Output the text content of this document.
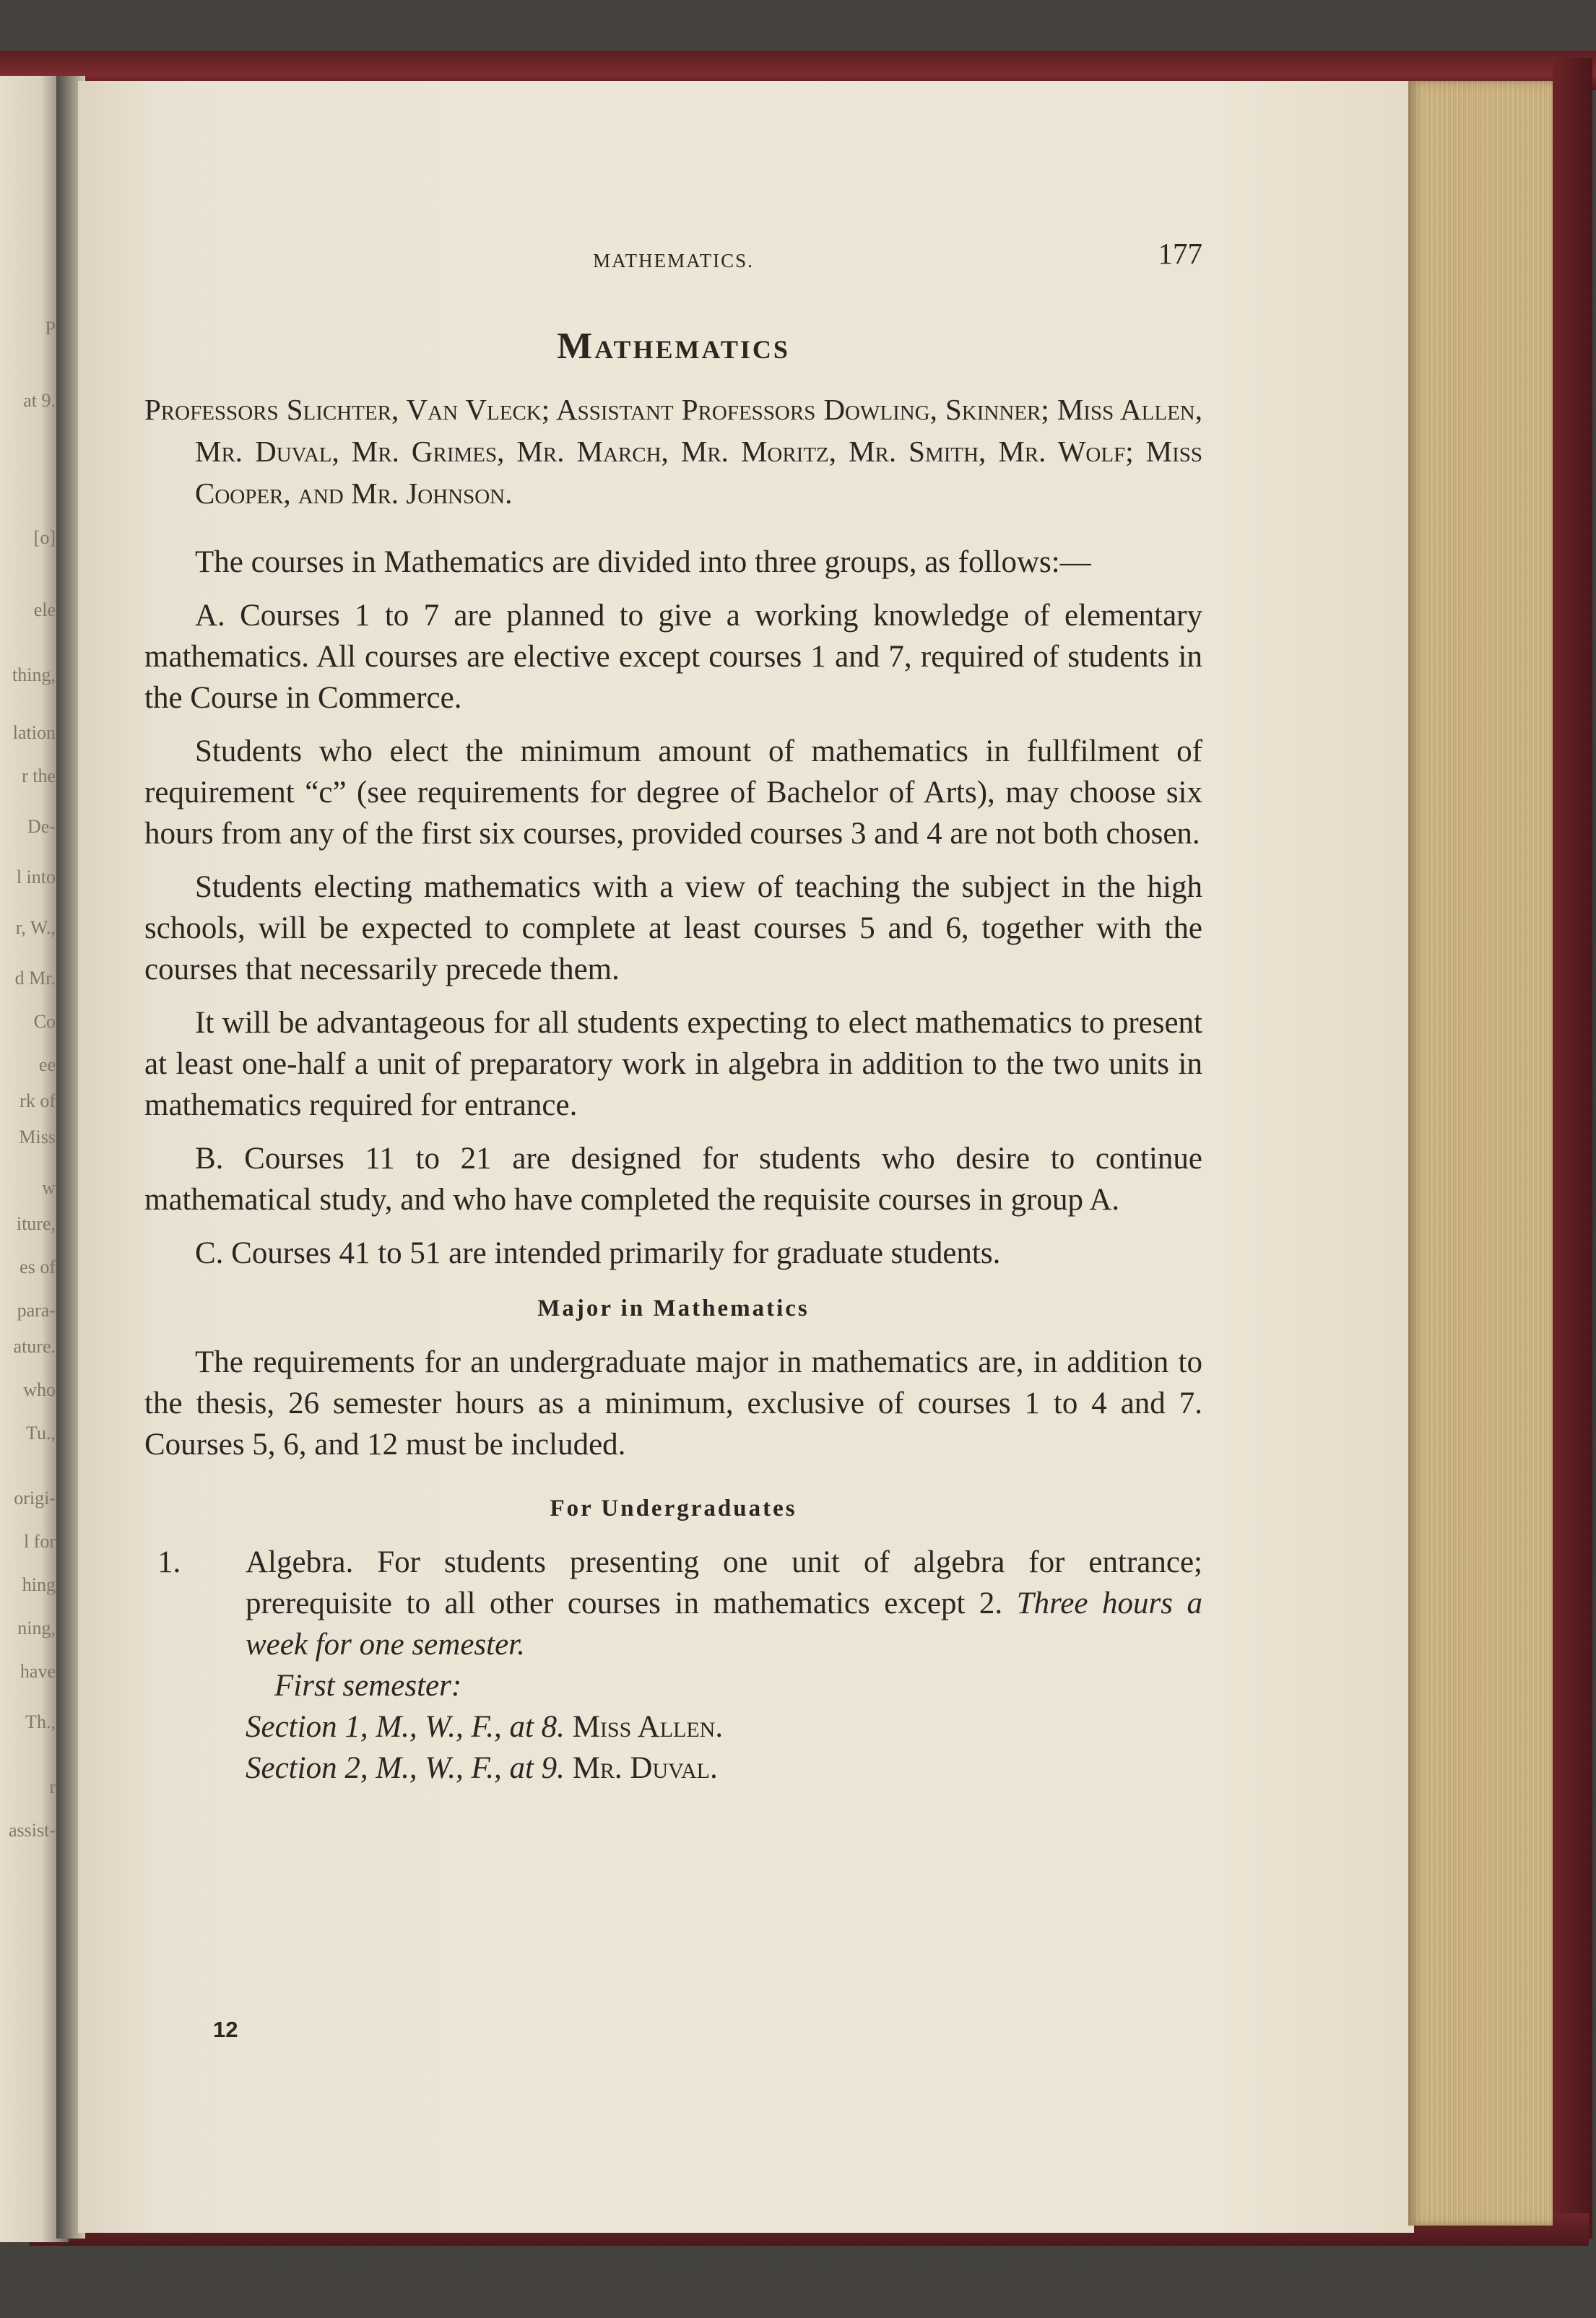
P
at 9.
[o]
ele
thing,
lation
r the
De-
l into
r, W.,
d Mr.
Co
ee
rk of
Miss
w
iture,
es of
para-
ature.
who
Tu.,
origi-
l for
hing
ning,
have
Th.,
r
assist-
MATHEMATICS.	177
Mathematics
Professors Slichter, Van Vleck; Assistant Professors Dowling, Skinner; Miss Allen, Mr. Duval, Mr. Grimes, Mr. March, Mr. Moritz, Mr. Smith, Mr. Wolf; Miss Cooper, and Mr. Johnson.

The courses in Mathematics are divided into three groups, as follows:—

A. Courses 1 to 7 are planned to give a working knowledge of elementary mathematics. All courses are elective except courses 1 and 7, required of students in the Course in Commerce.

Students who elect the minimum amount of mathematics in fullfilment of requirement “c” (see requirements for degree of Bachelor of Arts), may choose six hours from any of the first six courses, provided courses 3 and 4 are not both chosen.

Students electing mathematics with a view of teaching the subject in the high schools, will be expected to complete at least courses 5 and 6, together with the courses that necessarily precede them.

It will be advantageous for all students expecting to elect mathematics to present at least one-half a unit of preparatory work in algebra in addition to the two units in mathematics required for entrance.

B. Courses 11 to 21 are designed for students who desire to continue mathematical study, and who have completed the requisite courses in group A.

C. Courses 41 to 51 are intended primarily for graduate students.

Major in Mathematics

The requirements for an undergraduate major in mathematics are, in addition to the thesis, 26 semester hours as a minimum, exclusive of courses 1 to 4 and 7. Courses 5, 6, and 12 must be included.

For Undergraduates
1. Algebra. For students presenting one unit of algebra for entrance; prerequisite to all other courses in mathematics except 2. Three hours a week for one semester.
First semester:
Section 1, M., W., F., at 8. Miss Allen.
Section 2, M., W., F., at 9. Mr. Duval.
12
